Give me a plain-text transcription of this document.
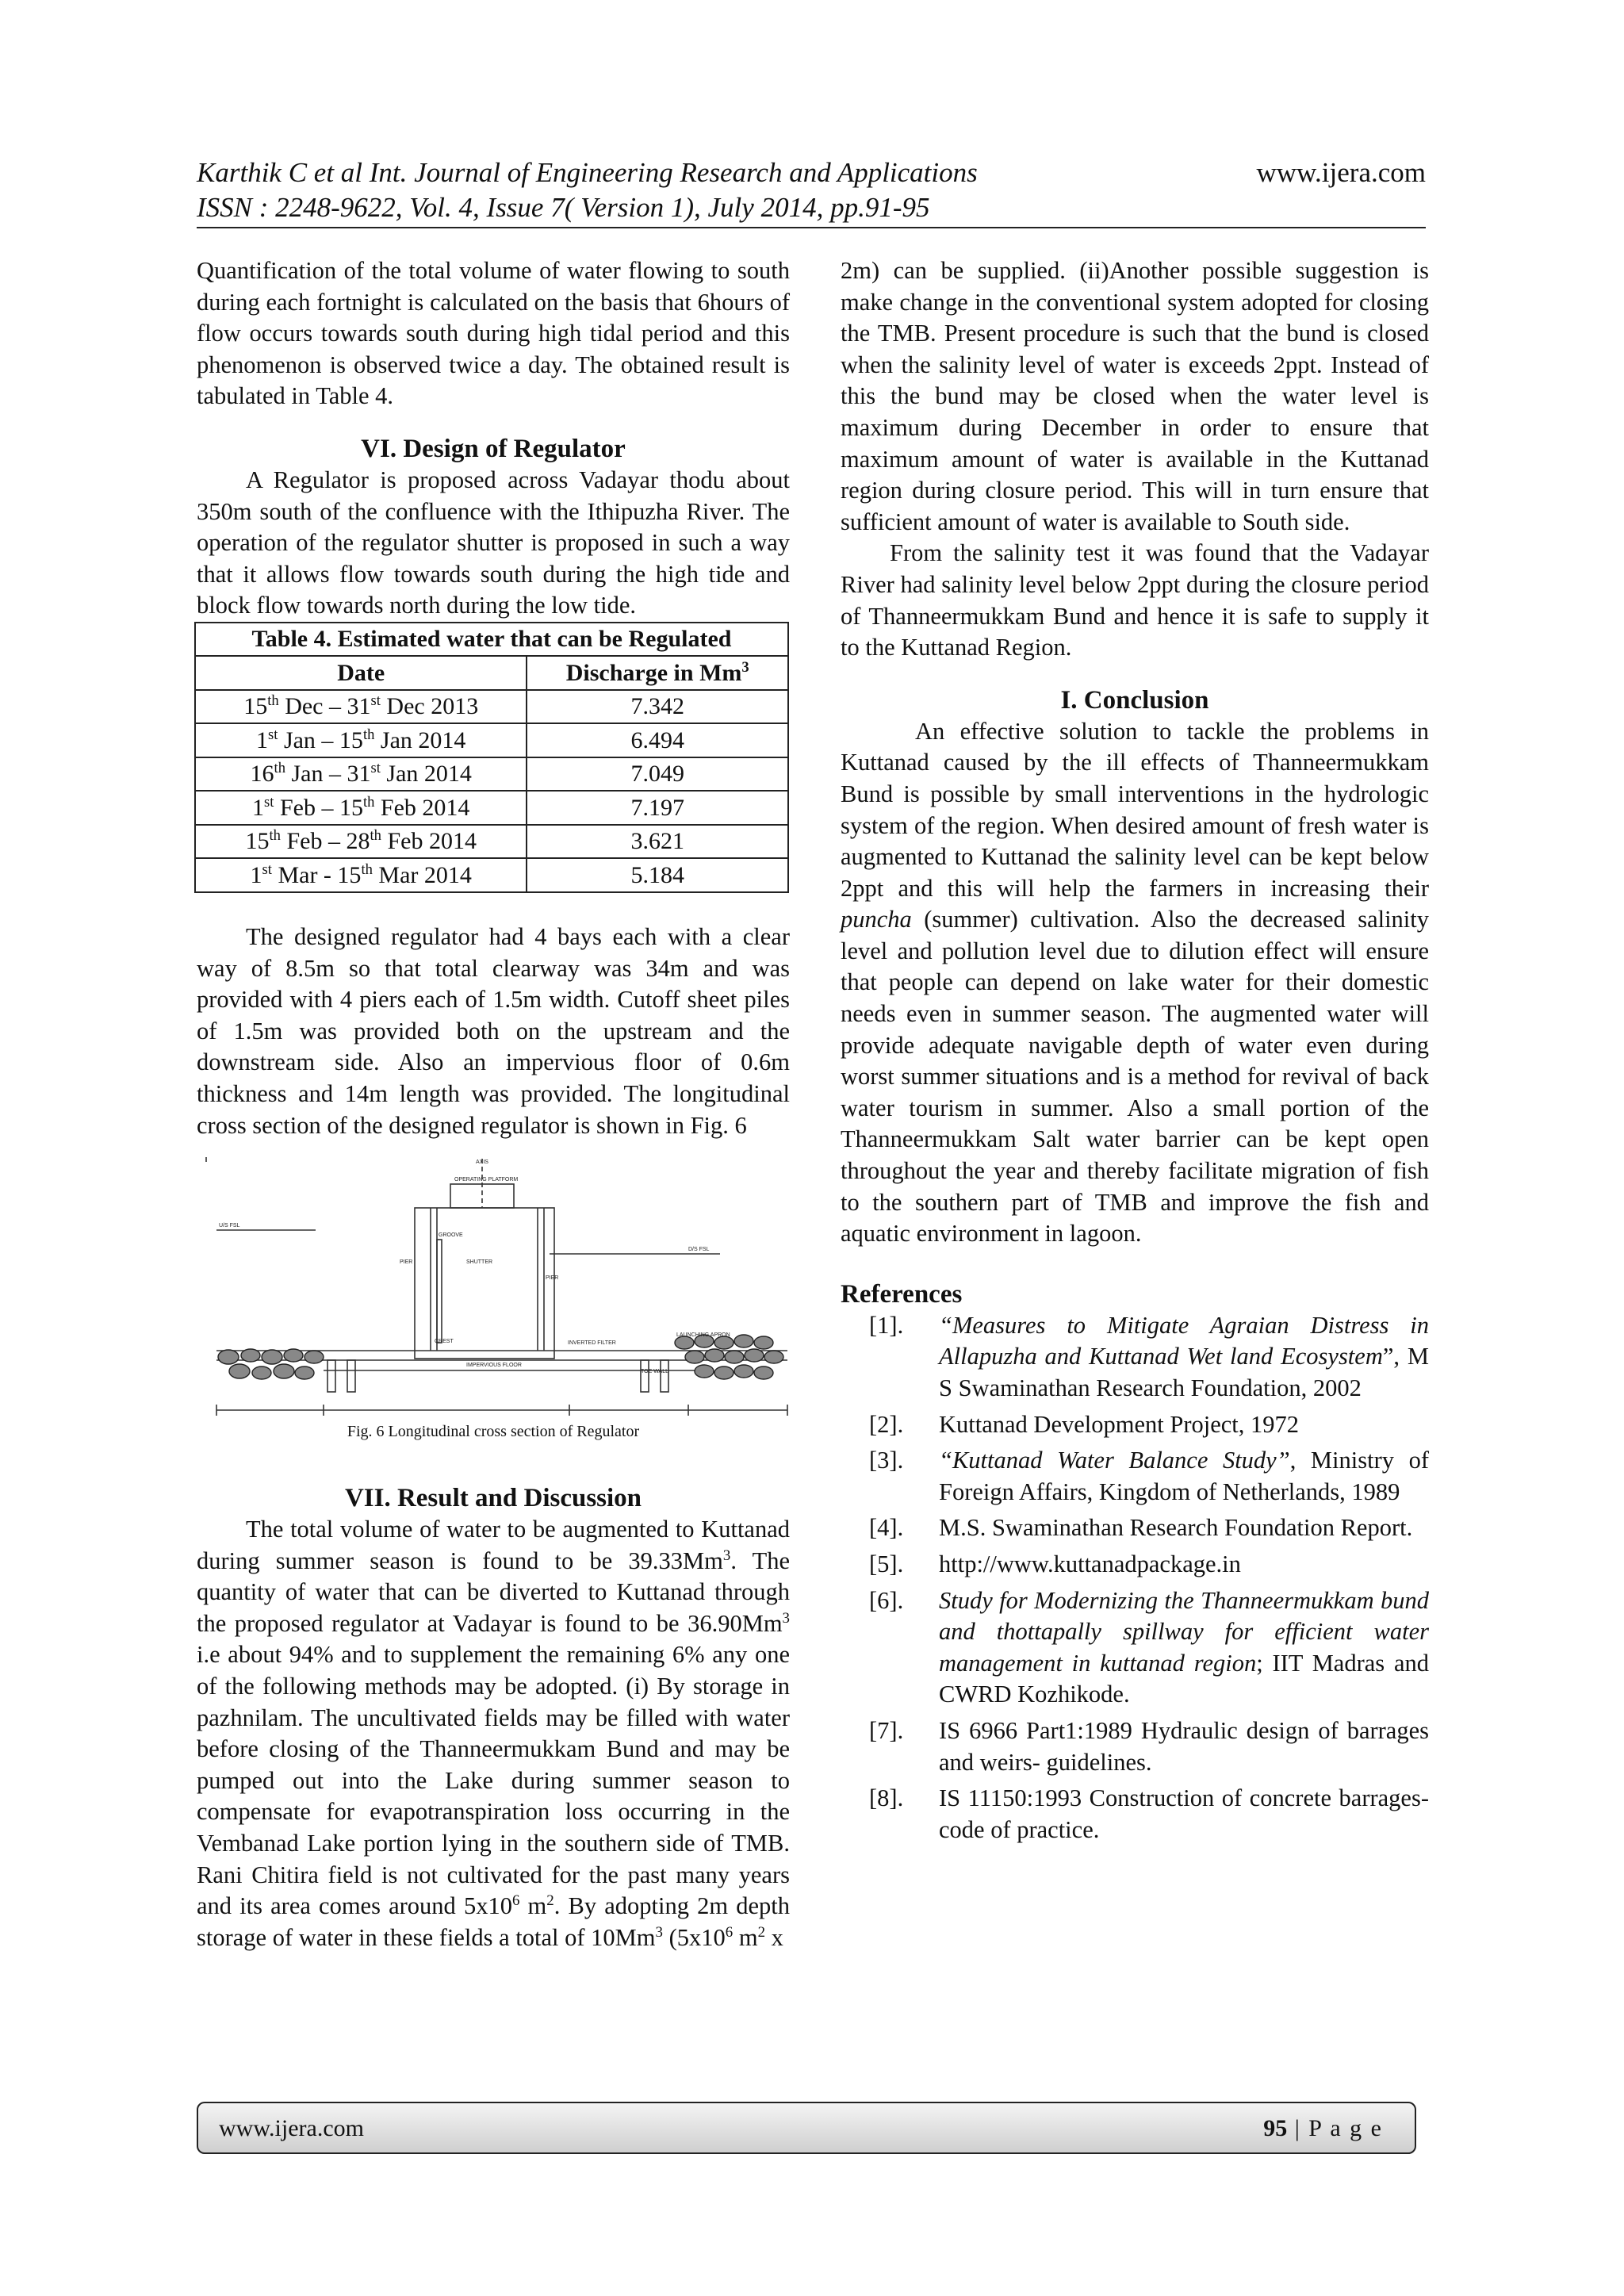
Karthik C et al Int. Journal of Engineering Research and Applications
ISSN : 2248-9622, Vol. 4, Issue 7( Version 1), July 2014, pp.91-95
www.ijera.com

Quantification of the total volume of water flowing to south during each fortnight is calculated on the basis that 6hours of flow occurs towards south during high tidal period and this phenomenon is observed twice a day. The obtained result is tabulated in Table 4.

VI. Design of Regulator

A Regulator is proposed across Vadayar thodu about 350m south of the confluence with the Ithipuzha River. The operation of the regulator shutter is proposed in such a way that it allows flow towards south during the high tide and block flow towards north during the low tide.

Table 4. Estimated water that can be Regulated	
Date	Discharge in Mm$^3$
15th Dec – 31st Dec 2013	7.342
1st Jan – 15th Jan 2014	6.494
16th Jan – 31st Jan 2014	7.049
1st Feb – 15th Feb 2014	7.197
15th Feb – 28th Feb 2014	3.621
1st Mar - 15th Mar 2014	5.184

The designed regulator had 4 bays each with a clear way of 8.5m so that total clearway was 34m and was provided with 4 piers each of 1.5m width. Cutoff sheet piles of 1.5m was provided both on the upstream and the downstream side. Also an impervious floor of 0.6m thickness and 14m length was provided. The longitudinal cross section of the designed regulator is shown in Fig. 6

AXIS
OPERATING PLATFORM
U/S FSL
D/S FSL
GROOVE
SHUTTER
PIER
PIER
CREST	INVERTED FILTER
LAUNCHING APRON
IMPERVIOUS FLOOR
TOE WALL
Fig. 6 Longitudinal cross section of Regulator
VII. Result and Discussion

The total volume of water to be augmented to Kuttanad during summer season is found to be 39.33Mm$^3$. The quantity of water that can be diverted to Kuttanad through the proposed regulator at Vadayar is found to be 36.90Mm$^3$ i.e about 94% and to supplement the remaining 6% any one of the following methods may be adopted. (i) By storage in pazhnilam. The uncultivated fields may be filled with water before closing of the Thanneermukkam Bund and may be pumped out into the Lake during summer season to compensate for evapotranspiration loss occurring in the Vembanad Lake portion lying in the southern side of TMB. Rani Chitira field is not cultivated for the past many years and its area comes around $5x10^6$ $m^2$. By adopting 2m depth storage of water in these fields a total of 10Mm$^3$ ($5x10^6$ $m^2$ x

2m) can be supplied. (ii)Another possible suggestion is make change in the conventional system adopted for closing the TMB. Present procedure is such that the bund is closed when the salinity level of water is exceeds 2ppt. Instead of this the bund may be closed when the water level is maximum during December in order to ensure that maximum amount of water is available in the Kuttanad region during closure period. This will in turn ensure that sufficient amount of water is available to South side.

From the salinity test it was found that the Vadayar River had salinity level below 2ppt during the closure period of Thanneermukkam Bund and hence it is safe to supply it to the Kuttanad Region.

I. Conclusion

An effective solution to tackle the problems in Kuttanad caused by the ill effects of Thanneermukkam Bund is possible by small interventions in the hydrologic system of the region. When desired amount of fresh water is augmented to Kuttanad the salinity level can be kept below 2ppt and this will help the farmers in increasing their puncha (summer) cultivation. Also the decreased salinity level and pollution level due to dilution effect will ensure that people can depend on lake water for their domestic needs even in summer season. The augmented water will provide adequate navigable depth of water even during worst summer situations and is a method for revival of back water tourism in summer. Also a small portion of the Thanneermukkam Salt water barrier can be kept open throughout the year and thereby facilitate migration of fish to the southern part of TMB and improve the fish and aquatic environment in lagoon.

References
[1]. “Measures to Mitigate Agraian Distress in Allapuzha and Kuttanad Wet land Ecosystem”, M S Swaminathan Research Foundation, 2002
[2]. Kuttanad Development Project, 1972
[3]. “Kuttanad Water Balance Study”, Ministry of Foreign Affairs, Kingdom of Netherlands, 1989
[4]. M.S. Swaminathan Research Foundation Report.
[5]. http://www.kuttanadpackage.in
[6]. Study for Modernizing the Thanneermukkam bund and thottapally spillway for efficient water management in kuttanad region; IIT Madras and CWRD Kozhikode.
[7]. IS 6966 Part1:1989 Hydraulic design of barrages and weirs- guidelines.
[8]. IS 11150:1993 Construction of concrete barrages-code of practice.
www.ijera.com	95 | P a g e
